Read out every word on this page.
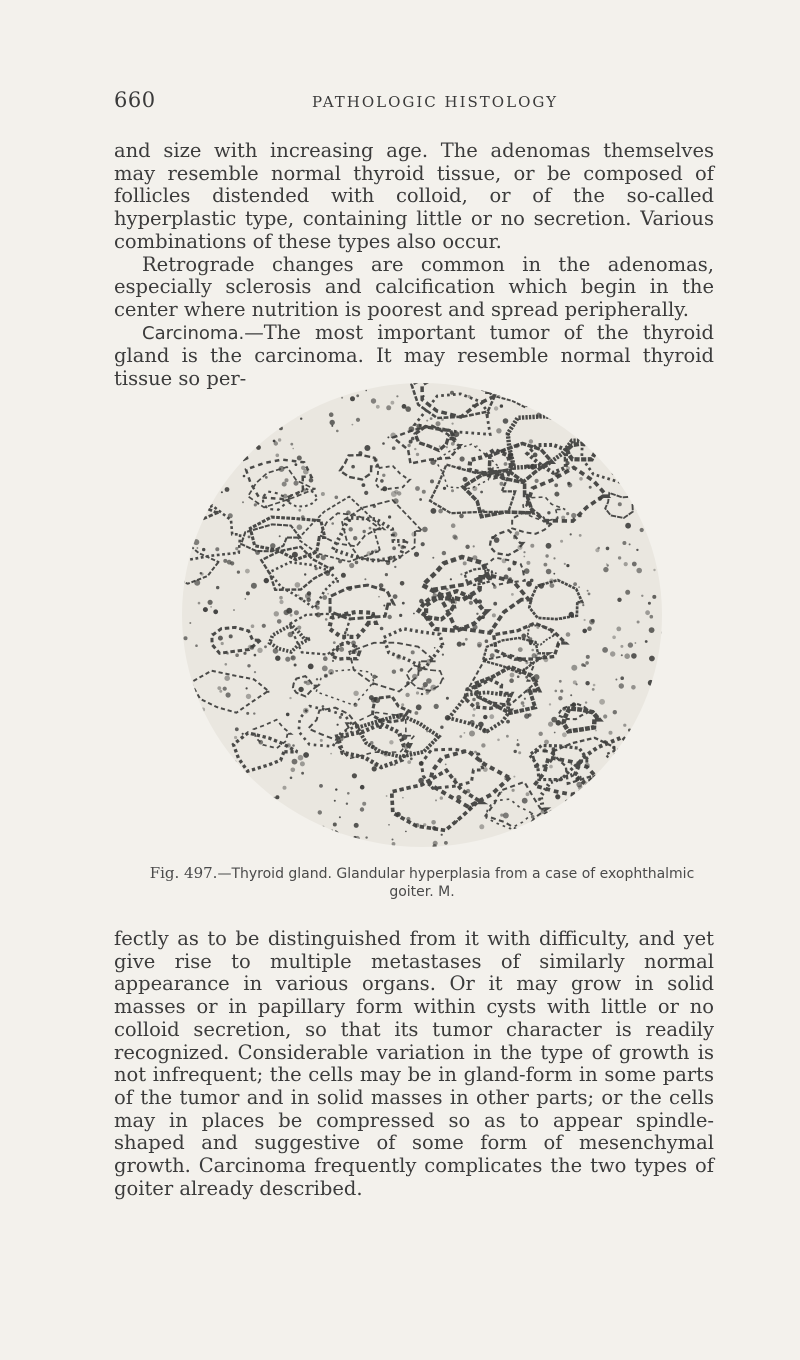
660	PATHOLOGIC HISTOLOGY

and size with increasing age. The adenomas themselves may resemble normal thyroid tissue, or be composed of follicles distended with colloid, or of the so-called hyperplastic type, containing little or no secretion. Various combinations of these types also occur.

Retrograde changes are common in the adenomas, especially sclerosis and calcification which begin in the center where nutrition is poorest and spread peripherally.

Carcinoma.—The most important tumor of the thyroid gland is the carcinoma. It may resemble normal thyroid tissue so per-

Fig. 497.—Thyroid gland. Glandular hyperplasia from a case of exophthalmic goiter. M.

fectly as to be distinguished from it with difficulty, and yet give rise to multiple metastases of similarly normal appearance in various organs. Or it may grow in solid masses or in papillary form within cysts with little or no colloid secretion, so that its tumor character is readily recognized. Considerable variation in the type of growth is not infrequent; the cells may be in gland-form in some parts of the tumor and in solid masses in other parts; or the cells may in places be compressed so as to appear spindle-shaped and suggestive of some form of mesenchymal growth. Carcinoma frequently complicates the two types of goiter already described.
